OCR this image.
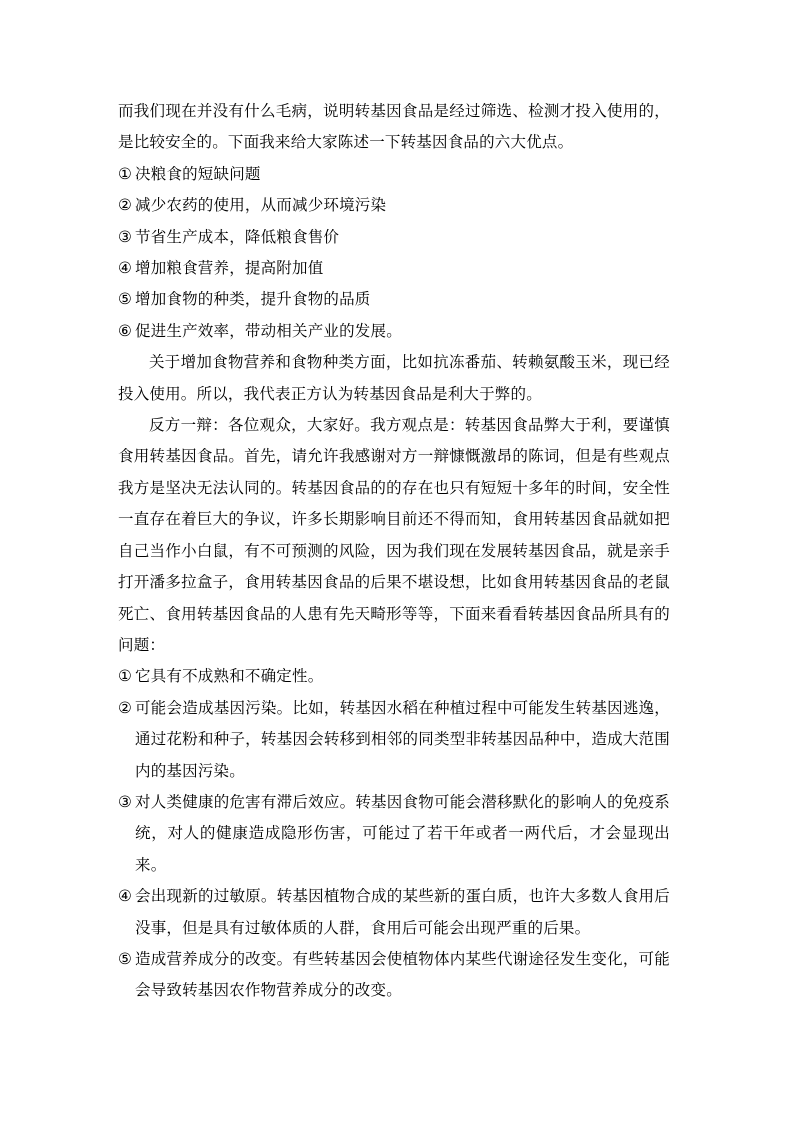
而我们现在并没有什么毛病，说明转基因食品是经过筛选、检测才投入使用的，是比较安全的。下面我来给大家陈述一下转基因食品的六大优点。

① 决粮食的短缺问题

② 减少农药的使用，从而减少环境污染

③ 节省生产成本，降低粮食售价

④ 增加粮食营养，提高附加值

⑤ 增加食物的种类，提升食物的品质

⑥ 促进生产效率，带动相关产业的发展。

关于增加食物营养和食物种类方面，比如抗冻番茄、转赖氨酸玉米，现已经投入使用。所以，我代表正方认为转基因食品是利大于弊的。

反方一辩：各位观众，大家好。我方观点是：转基因食品弊大于利，要谨慎食用转基因食品。首先，请允许我感谢对方一辩慷慨激昂的陈词，但是有些观点我方是坚决无法认同的。转基因食品的的存在也只有短短十多年的时间，安全性一直存在着巨大的争议，许多长期影响目前还不得而知，食用转基因食品就如把自己当作小白鼠，有不可预测的风险，因为我们现在发展转基因食品，就是亲手打开潘多拉盒子，食用转基因食品的后果不堪设想，比如食用转基因食品的老鼠死亡、食用转基因食品的人患有先天畸形等等，下面来看看转基因食品所具有的问题：

① 它具有不成熟和不确定性。

② 可能会造成基因污染。比如，转基因水稻在种植过程中可能发生转基因逃逸，通过花粉和种子，转基因会转移到相邻的同类型非转基因品种中，造成大范围内的基因污染。

③ 对人类健康的危害有滞后效应。转基因食物可能会潜移默化的影响人的免疫系统，对人的健康造成隐形伤害，可能过了若干年或者一两代后，才会显现出来。

④ 会出现新的过敏原。转基因植物合成的某些新的蛋白质，也许大多数人食用后没事，但是具有过敏体质的人群，食用后可能会出现严重的后果。

⑤ 造成营养成分的改变。有些转基因会使植物体内某些代谢途径发生变化，可能会导致转基因农作物营养成分的改变。
